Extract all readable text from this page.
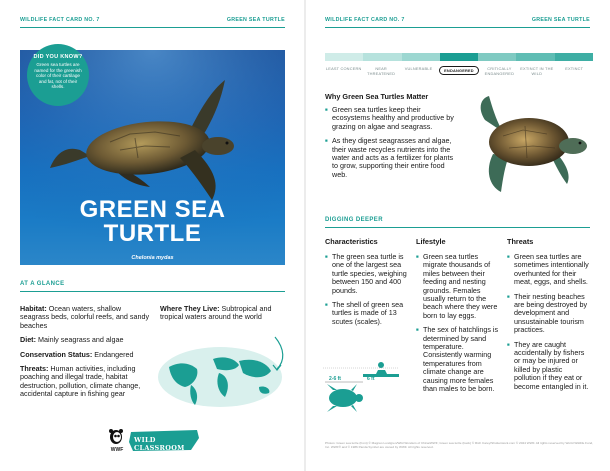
WILDLIFE FACT CARD NO. 7	GREEN SEA TURTLE
GREEN SEA
TURTLE
Chelonia mydas
DID YOU KNOW?
Green sea turtles are named for the greenish color of their cartilage and fat, not of their shells.
AT A GLANCE

Habitat: Ocean waters, shallow seagrass beds, colorful reefs, and sandy beaches

Diet: Mainly seagrass and algae

Conservation Status: Endangered

Threats: Human activities, including poaching and illegal trade, habitat destruction, pollution, climate change, accidental capture in fishing gear

Where They Live: Subtropical and tropical waters around the world

WWF
WILD CLASSROOM
WILDLIFE FACT CARD NO. 7	GREEN SEA TURTLE
LEAST CONCERN	NEAR THREATENED
VULNERABLE	ENDANGERED	CRITICALLY ENDANGERED
EXTINCT IN THE WILD
EXTINCT
Why Green Sea Turtles Matter
■ Green sea turtles keep their ecosystems healthy and productive by grazing on algae and seagrass.
■ As they digest seagrasses and algae, their waste recycles nutrients into the water and acts as a fertilizer for plants to grow, supporting their entire food web.
DIGGING DEEPER
Characteristics
■ The green sea turtle is one of the largest sea turtle species, weighing between 150 and 400 pounds.
■ The shell of green sea turtles is made of 13 scutes (scales).
2-6 ft	6 ft
Lifestyle
■ Green sea turtles migrate thousands of miles between their feeding and nesting grounds. Females usually return to the beach where they were born to lay eggs.
■ The sex of hatchlings is determined by sand temperature. Consistently warming temperatures from climate change are causing more females than males to be born.
Threats
■ Green sea turtles are sometimes intentionally overhunted for their meat, eggs, and shells.
■ Their nesting beaches are being destroyed by development and unsustainable tourism practices.
■ They are caught accidentally by fishers or may be injured or killed by plastic pollution if they eat or become entangled in it.
Photos: Green sea turtle (front) © Magnus Lundgren/Wild Wonders of China/WWF; Green sea turtle (back) © Rich Carey/Shutterstock.com © 2024 WWF. All rights reserved by World Wildlife Fund, Inc. WWF® and © 1986 Panda Symbol are owned by WWF. All rights reserved.
